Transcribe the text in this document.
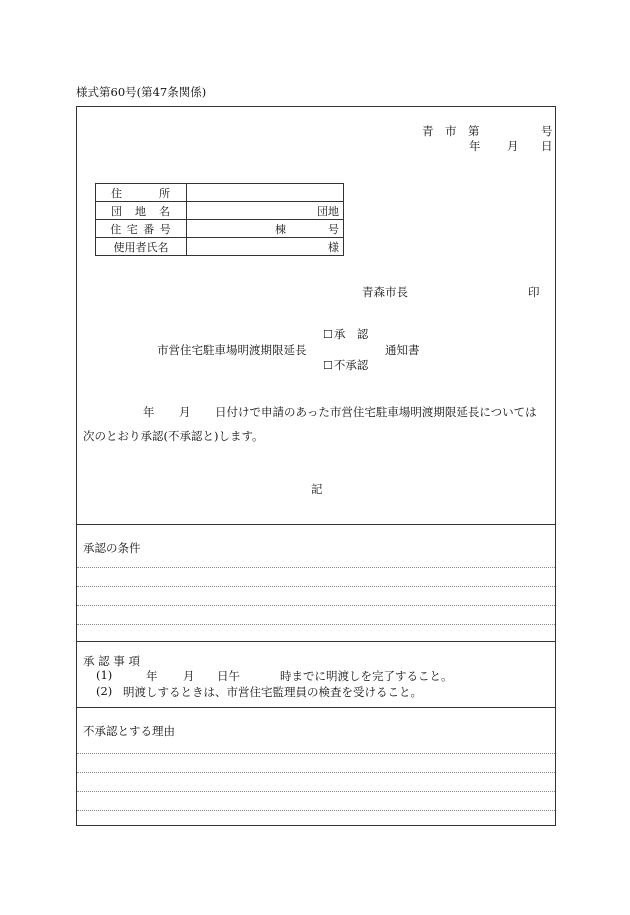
様式第60号(第47条関係)
青　市　第	号
年 月 日
住　　　所	
団　地　名	団地
住 宅 番 号	棟 号
使用者氏名	様
青森市長	印
☐承　認
市営住宅駐車場明渡期限延長	通知書
☐不承認
年 月 日付けで申請のあった市営住宅駐車場明渡期限延長については
次のとおり承認(不承認と)します。
記
承認の条件
承 認 事 項
(1)	年 月 日午	時までに明渡しを完了すること。
(2) 明渡しするときは、市営住宅監理員の検査を受けること。
不承認とする理由
